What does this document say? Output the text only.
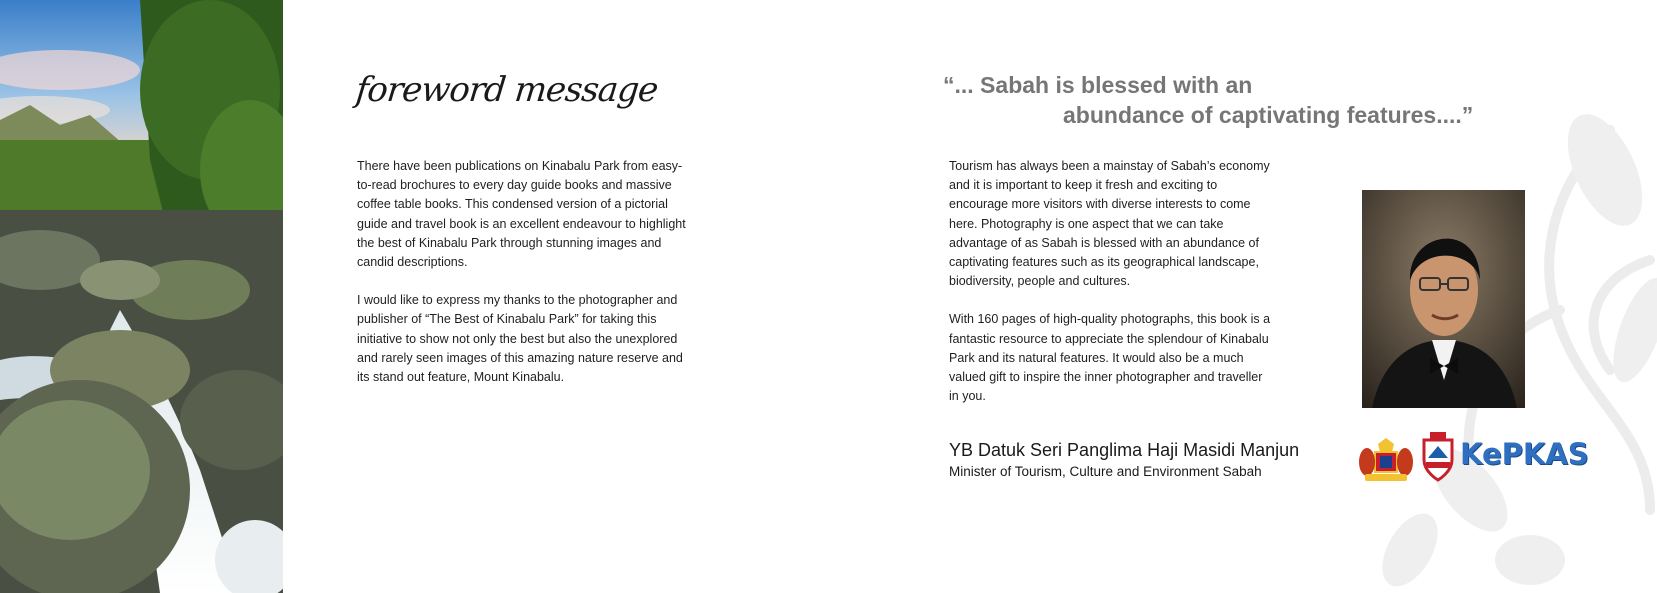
foreword message

There have been publications on Kinabalu Park from easy-to-read brochures to every day guide books and massive coffee table books. This condensed version of a pictorial guide and travel book is an excellent endeavour to highlight the best of Kinabalu Park through stunning images and candid descriptions.

I would like to express my thanks to the photographer and publisher of “The Best of Kinabalu Park” for taking this initiative to show not only the best but also the unexplored and rarely seen images of this amazing nature reserve and its stand out feature, Mount Kinabalu.

“... Sabah is blessed with an
abundance of captivating features....”

Tourism has always been a mainstay of Sabah’s economy and it is important to keep it fresh and exciting to encourage more visitors with diverse interests to come here. Photography is one aspect that we can take advantage of as Sabah is blessed with an abundance of captivating features such as its geographical landscape, biodiversity, people and cultures.

With 160 pages of high-quality photographs, this book is a fantastic resource to appreciate the splendour of Kinabalu Park and its natural features. It would also be a much valued gift to inspire the inner photographer and traveller in you.

YB Datuk Seri Panglima Haji Masidi Manjun
Minister of Tourism, Culture and Environment Sabah
KePKAS
